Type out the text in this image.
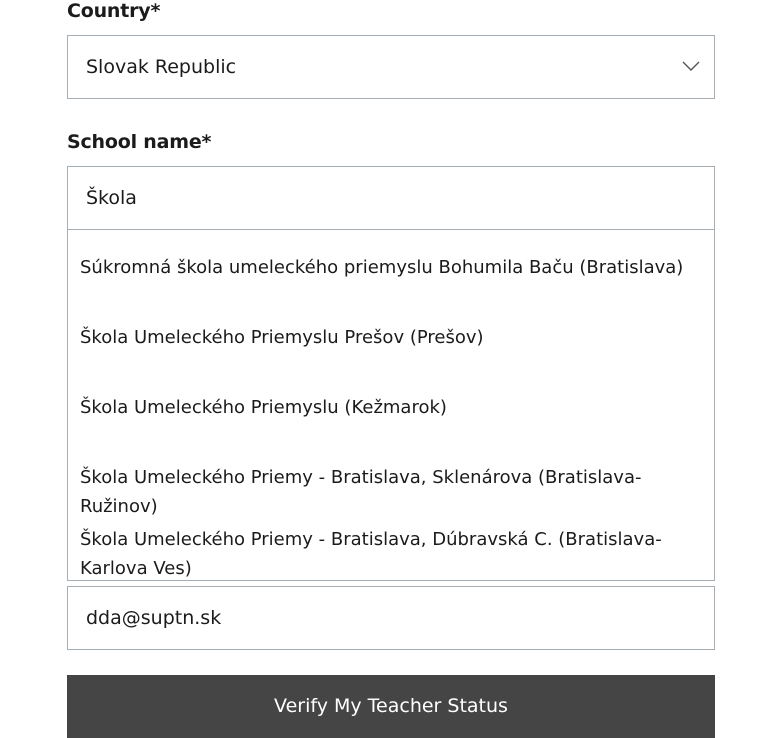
Country*
Slovak Republic
School name*
Škola
Súkromná škola umeleckého priemyslu Bohumila Baču (Bratislava)
Škola Umeleckého Priemyslu Prešov (Prešov)
Škola Umeleckého Priemyslu (Kežmarok)
Škola Umeleckého Priemy - Bratislava, Sklenárova (Bratislava-Ružinov)
Škola Umeleckého Priemy - Bratislava, Dúbravská C. (Bratislava-Karlova Ves)
dda@suptn.sk
Verify My Teacher Status
